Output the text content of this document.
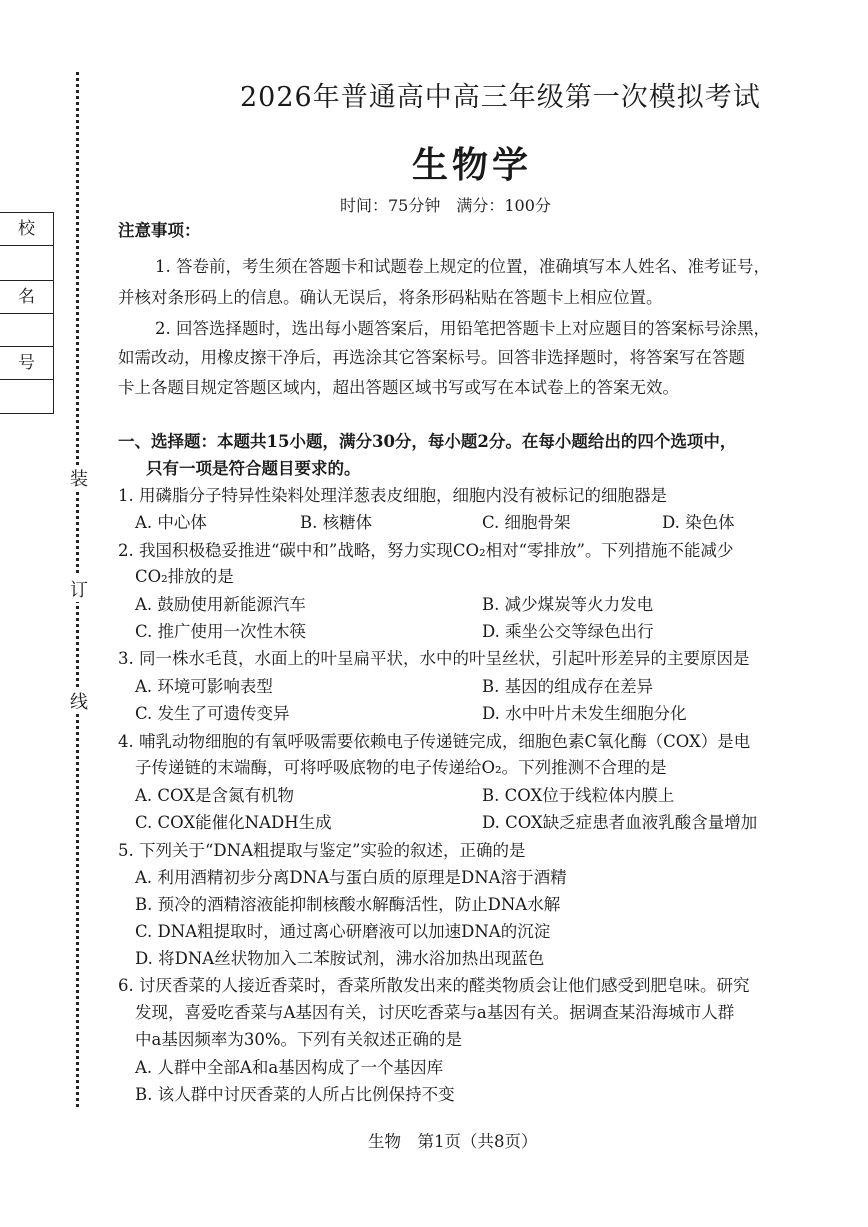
校
名
号
装
订
线
2026年普通高中高三年级第一次模拟考试
生物学
时间：75分钟　满分：100分
注意事项：
1. 答卷前，考生须在答题卡和试题卷上规定的位置，准确填写本人姓名、准考证号，
并核对条形码上的信息。确认无误后，将条形码粘贴在答题卡上相应位置。
2. 回答选择题时，选出每小题答案后，用铅笔把答题卡上对应题目的答案标号涂黑，
如需改动，用橡皮擦干净后，再选涂其它答案标号。回答非选择题时，将答案写在答题
卡上各题目规定答题区域内，超出答题区域书写或写在本试卷上的答案无效。
一、选择题：本题共15小题，满分30分，每小题2分。在每小题给出的四个选项中，
只有一项是符合题目要求的。
1. 用磷脂分子特异性染料处理洋葱表皮细胞，细胞内没有被标记的细胞器是
A. 中心体	B. 核糖体	C. 细胞骨架	D. 染色体
2. 我国积极稳妥推进“碳中和”战略，努力实现CO₂相对“零排放”。下列措施不能减少
CO₂排放的是
A. 鼓励使用新能源汽车	B. 减少煤炭等火力发电
C. 推广使用一次性木筷	D. 乘坐公交等绿色出行
3. 同一株水毛茛，水面上的叶呈扁平状，水中的叶呈丝状，引起叶形差异的主要原因是
A. 环境可影响表型	B. 基因的组成存在差异
C. 发生了可遗传变异	D. 水中叶片未发生细胞分化
4. 哺乳动物细胞的有氧呼吸需要依赖电子传递链完成，细胞色素C氧化酶（COX）是电
子传递链的末端酶，可将呼吸底物的电子传递给O₂。下列推测不合理的是
A. COX是含氮有机物	B. COX位于线粒体内膜上
C. COX能催化NADH生成	D. COX缺乏症患者血液乳酸含量增加
5. 下列关于“DNA粗提取与鉴定”实验的叙述，正确的是
A. 利用酒精初步分离DNA与蛋白质的原理是DNA溶于酒精
B. 预冷的酒精溶液能抑制核酸水解酶活性，防止DNA水解
C. DNA粗提取时，通过离心研磨液可以加速DNA的沉淀
D. 将DNA丝状物加入二苯胺试剂，沸水浴加热出现蓝色
6. 讨厌香菜的人接近香菜时，香菜所散发出来的醛类物质会让他们感受到肥皂味。研究
发现，喜爱吃香菜与A基因有关，讨厌吃香菜与a基因有关。据调查某沿海城市人群
中a基因频率为30%。下列有关叙述正确的是
A. 人群中全部A和a基因构成了一个基因库
B. 该人群中讨厌香菜的人所占比例保持不变
生物　第1页（共8页）
